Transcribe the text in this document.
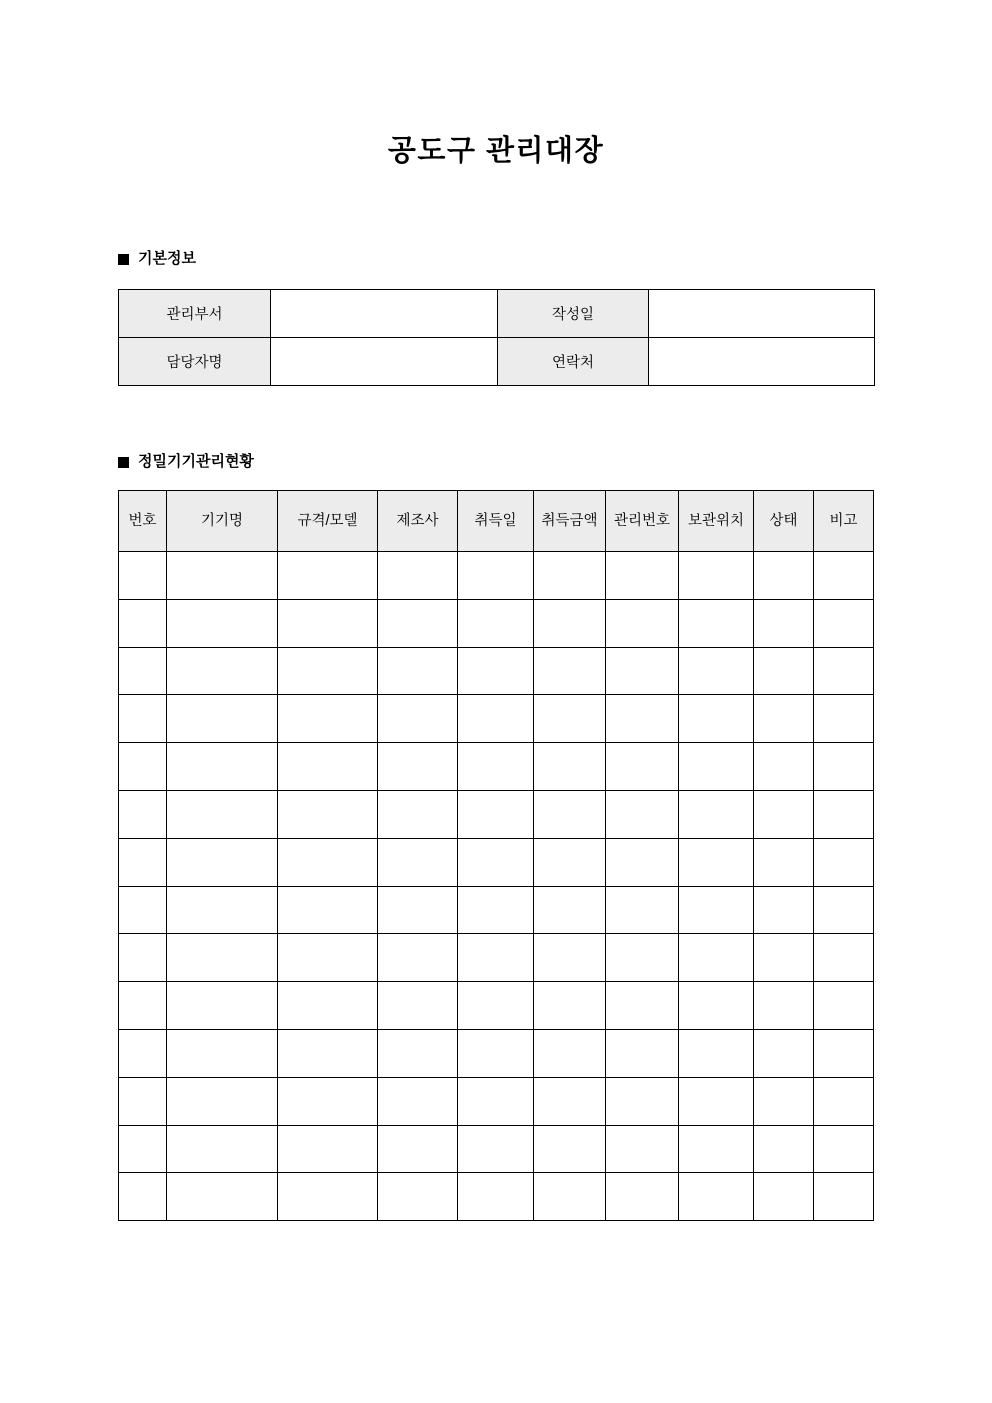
공도구 관리대장
기본정보
관리부서		작성일	
담당자명		연락처	
정밀기기관리현황
번호	기기명	규격/모델	제조사	취득일	취득금액	관리번호	보관위치	상태	비고
